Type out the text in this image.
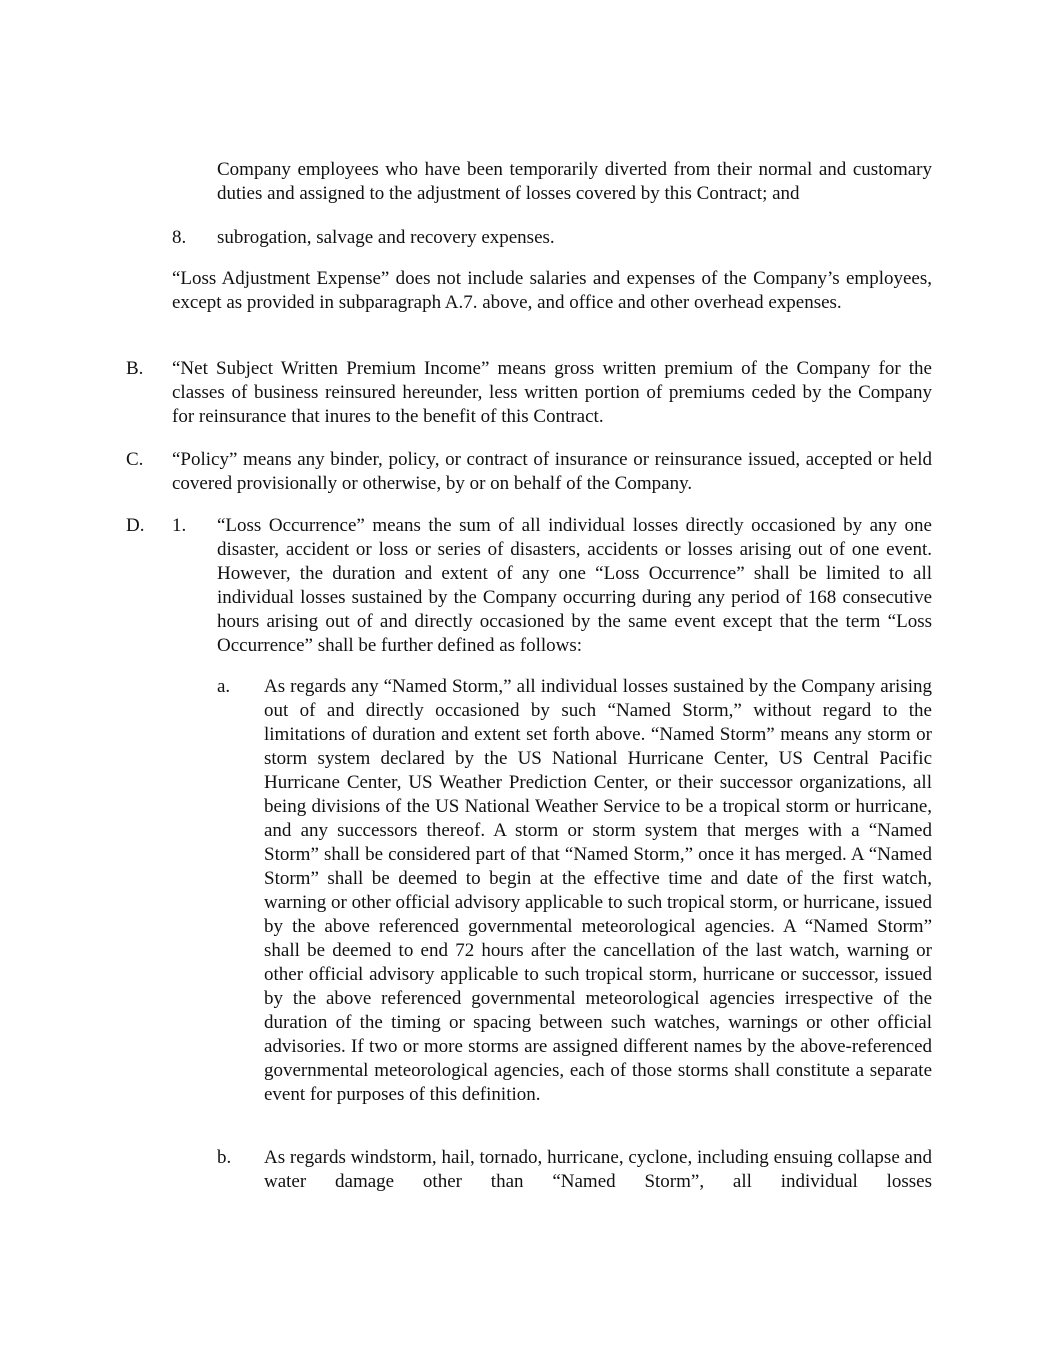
Company employees who have been temporarily diverted from their normal and customary duties and assigned to the adjustment of losses covered by this Contract; and

8. subrogation, salvage and recovery expenses.

“Loss Adjustment Expense” does not include salaries and expenses of the Company’s employees, except as provided in subparagraph A.7. above, and office and other overhead expenses.

B. “Net Subject Written Premium Income” means gross written premium of the Company for the classes of business reinsured hereunder, less written portion of premiums ceded by the Company for reinsurance that inures to the benefit of this Contract.

C. “Policy” means any binder, policy, or contract of insurance or reinsurance issued, accepted or held covered provisionally or otherwise, by or on behalf of the Company.

D. 1. “Loss Occurrence” means the sum of all individual losses directly occasioned by any one disaster, accident or loss or series of disasters, accidents or losses arising out of one event. However, the duration and extent of any one “Loss Occurrence” shall be limited to all individual losses sustained by the Company occurring during any period of 168 consecutive hours arising out of and directly occasioned by the same event except that the term “Loss Occurrence” shall be further defined as follows:

a. As regards any “Named Storm,” all individual losses sustained by the Company arising out of and directly occasioned by such “Named Storm,” without regard to the limitations of duration and extent set forth above. “Named Storm” means any storm or storm system declared by the US National Hurricane Center, US Central Pacific Hurricane Center, US Weather Prediction Center, or their successor organizations, all being divisions of the US National Weather Service to be a tropical storm or hurricane, and any successors thereof. A storm or storm system that merges with a “Named Storm” shall be considered part of that “Named Storm,” once it has merged. A “Named Storm” shall be deemed to begin at the effective time and date of the first watch, warning or other official advisory applicable to such tropical storm, or hurricane, issued by the above referenced governmental meteorological agencies. A “Named Storm” shall be deemed to end 72 hours after the cancellation of the last watch, warning or other official advisory applicable to such tropical storm, hurricane or successor, issued by the above referenced governmental meteorological agencies irrespective of the duration of the timing or spacing between such watches, warnings or other official advisories. If two or more storms are assigned different names by the above-referenced governmental meteorological agencies, each of those storms shall constitute a separate event for purposes of this definition.

b. As regards windstorm, hail, tornado, hurricane, cyclone, including ensuing collapse and water damage other than “Named Storm”, all individual losses
